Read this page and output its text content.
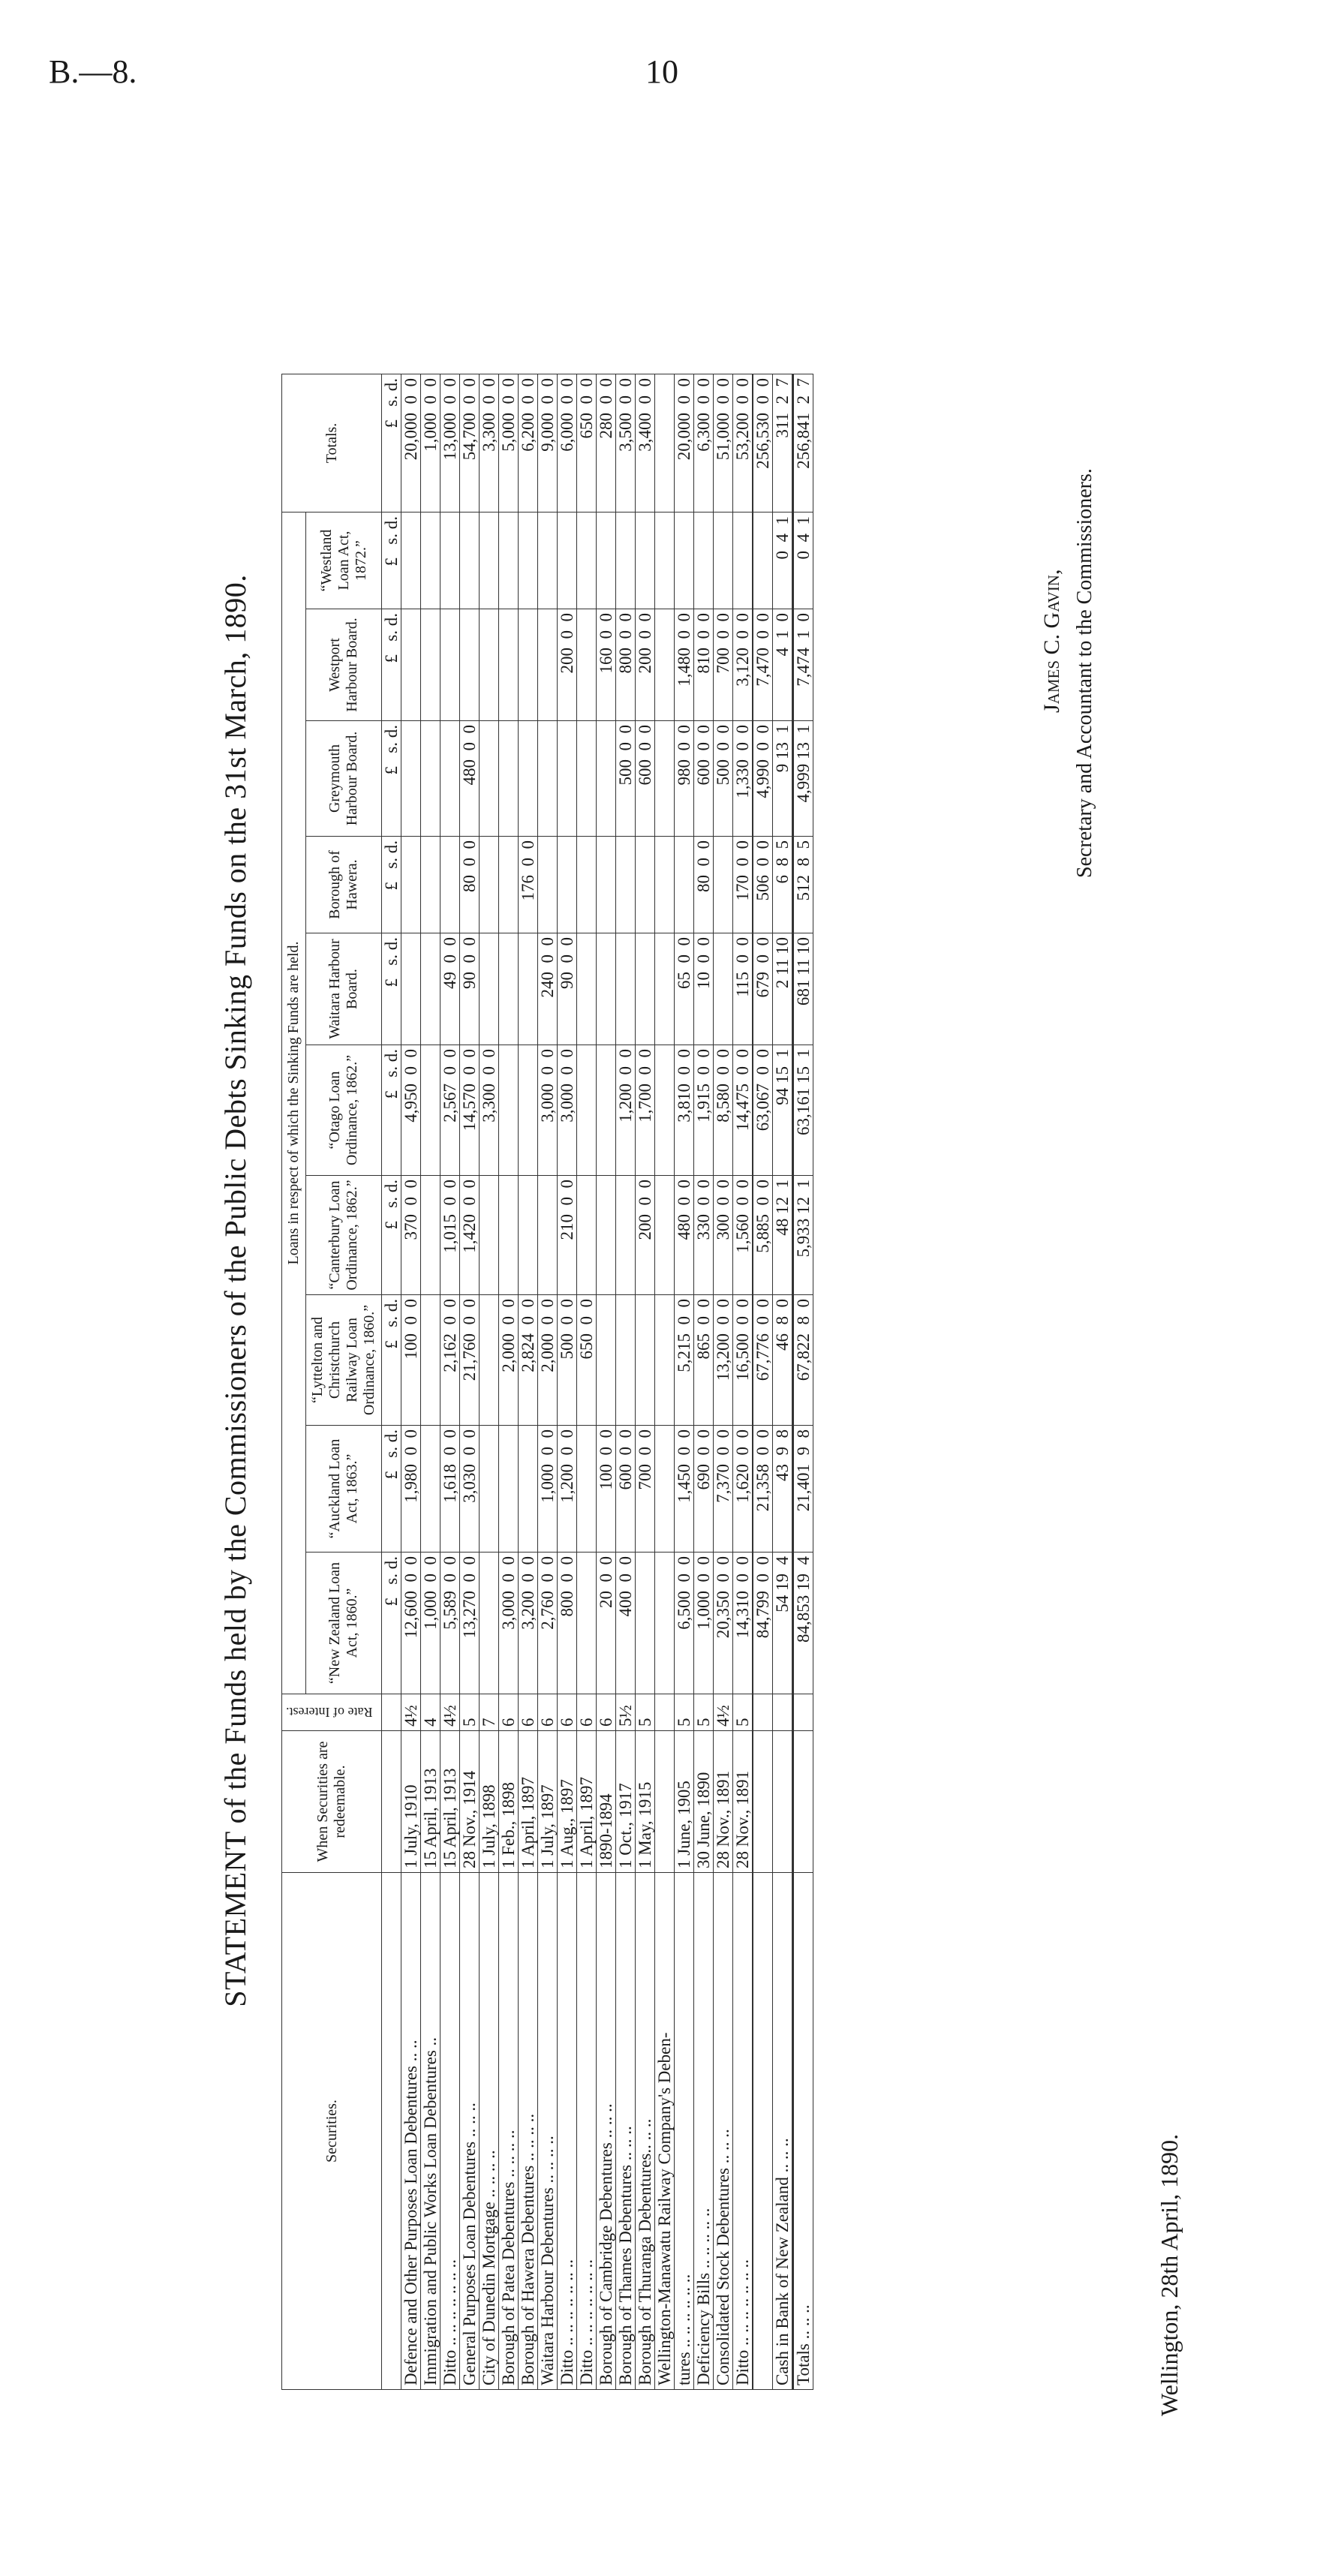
B.—8.	10
STATEMENT of the Funds held by the Commissioners of the Public Debts Sinking Funds on the 31st March, 1890.
Securities.	When Securities are redeemable.	Rate of Interest.	Loans in respect of which the Sinking Funds are held.										Totals.
			“New Zealand Loan Act, 1860.”	“Auckland Loan Act, 1863.”	“Lyttelton and Christchurch Railway Loan Ordinance, 1860.”	“Canterbury Loan Ordinance, 1862.”	“Otago Loan Ordinance, 1862.”	Waitara Harbour Board.	Borough of Hawera.	Greymouth Harbour Board.	Westport Harbour Board.	“Westland Loan Act, 1872.”	
			£   s. d.	£   s. d.	£   s. d.	£   s. d.	£   s. d.	£   s. d.	£   s. d.	£   s. d.	£   s. d.	£   s. d.	£   s. d.
Defence and Other Purposes Loan Debentures .. ..	1 July, 1910	4½	12,600  0  0	1,980  0  0	100  0  0	370  0  0	4,950  0  0						20,000  0  0
Immigration and Public Works Loan Debentures ..	15 April, 1913	4	1,000  0  0										1,000  0  0
Ditto .. .. .. .. .. .. ..	15 April, 1913	4½	5,589  0  0	1,618  0  0	2,162  0  0	1,015  0  0	2,567  0  0	49  0  0					13,000  0  0
General Purposes Loan Debentures .. .. ..	28 Nov., 1914	5	13,270  0  0	3,030  0  0	21,760  0  0	1,420  0  0	14,570  0  0	90  0  0	80  0  0	480  0  0			54,700  0  0
City of Dunedin Mortgage .. .. .. ..	1 July, 1898	7					3,300  0  0						3,300  0  0
Borough of Patea Debentures .. .. .. ..	1 Feb., 1898	6	3,000  0  0		2,000  0  0								5,000  0  0
Borough of Hawera Debentures .. .. .. ..	1 April, 1897	6	3,200  0  0		2,824  0  0				176  0  0				6,200  0  0
Waitara Harbour Debentures .. .. .. ..	1 July, 1897	6	2,760  0  0	1,000  0  0	2,000  0  0		3,000  0  0	240  0  0					9,000  0  0
Ditto .. .. .. .. .. .. ..	1 Aug., 1897	6	800  0  0	1,200  0  0	500  0  0	210  0  0	3,000  0  0	90  0  0			200  0  0		6,000  0  0
Ditto .. .. .. .. .. .. ..	1 April, 1897	6			650  0  0								650  0  0
Borough of Cambridge Debentures .. .. ..	1890-1894	6	20  0  0	100  0  0							160  0  0		280  0  0
Borough of Thames Debentures .. .. ..	1 Oct., 1917	5½	400  0  0	600  0  0			1,200  0  0			500  0  0	800  0  0		3,500  0  0
Borough of Thuranga Debentures.. .. ..	1 May, 1915	5		700  0  0		200  0  0	1,700  0  0			600  0  0	200  0  0		3,400  0  0
Wellington-Manawatu Railway Company's Deben-													
tures .. .. .. .. .. ..	1 June, 1905	5	6,500  0  0	1,450  0  0	5,215  0  0	480  0  0	3,810  0  0	65  0  0		980  0  0	1,480  0  0		20,000  0  0
Deficiency Bills .. .. .. .. ..	30 June, 1890	5	1,000  0  0	690  0  0	865  0  0	330  0  0	1,915  0  0	10  0  0	80  0  0	600  0  0	810  0  0		6,300  0  0
Consolidated Stock Debentures .. .. ..	28 Nov., 1891	4½	20,350  0  0	7,370  0  0	13,200  0  0	300  0  0	8,580  0  0			500  0  0	700  0  0		51,000  0  0
Ditto .. .. .. .. .. .. ..	28 Nov., 1891	5	14,310  0  0	1,620  0  0	16,500  0  0	1,560  0  0	14,475  0  0	115  0  0	170  0  0	1,330  0  0	3,120  0  0		53,200  0  0
			84,799  0  0	21,358  0  0	67,776  0  0	5,885  0  0	63,067  0  0	679  0  0	506  0  0	4,990  0  0	7,470  0  0		256,530  0  0
Cash in Bank of New Zealand .. .. ..			54 19  4	43  9  8	46  8  0	48 12  1	94 15  1	2 11 10	6  8  5	9 13  1	4  1  0	0  4  1	311  2  7

Totals .. .. ..			84,853 19  4	21,401  9  8	67,822  8  0	5,933 12  1	63,161 15  1	681 11 10	512  8  5	4,999 13  1	7,474  1  0	0  4  1	256,841  2  7
James C. Gavin, Secretary and Accountant to the Commissioners.
Wellington, 28th April, 1890.
